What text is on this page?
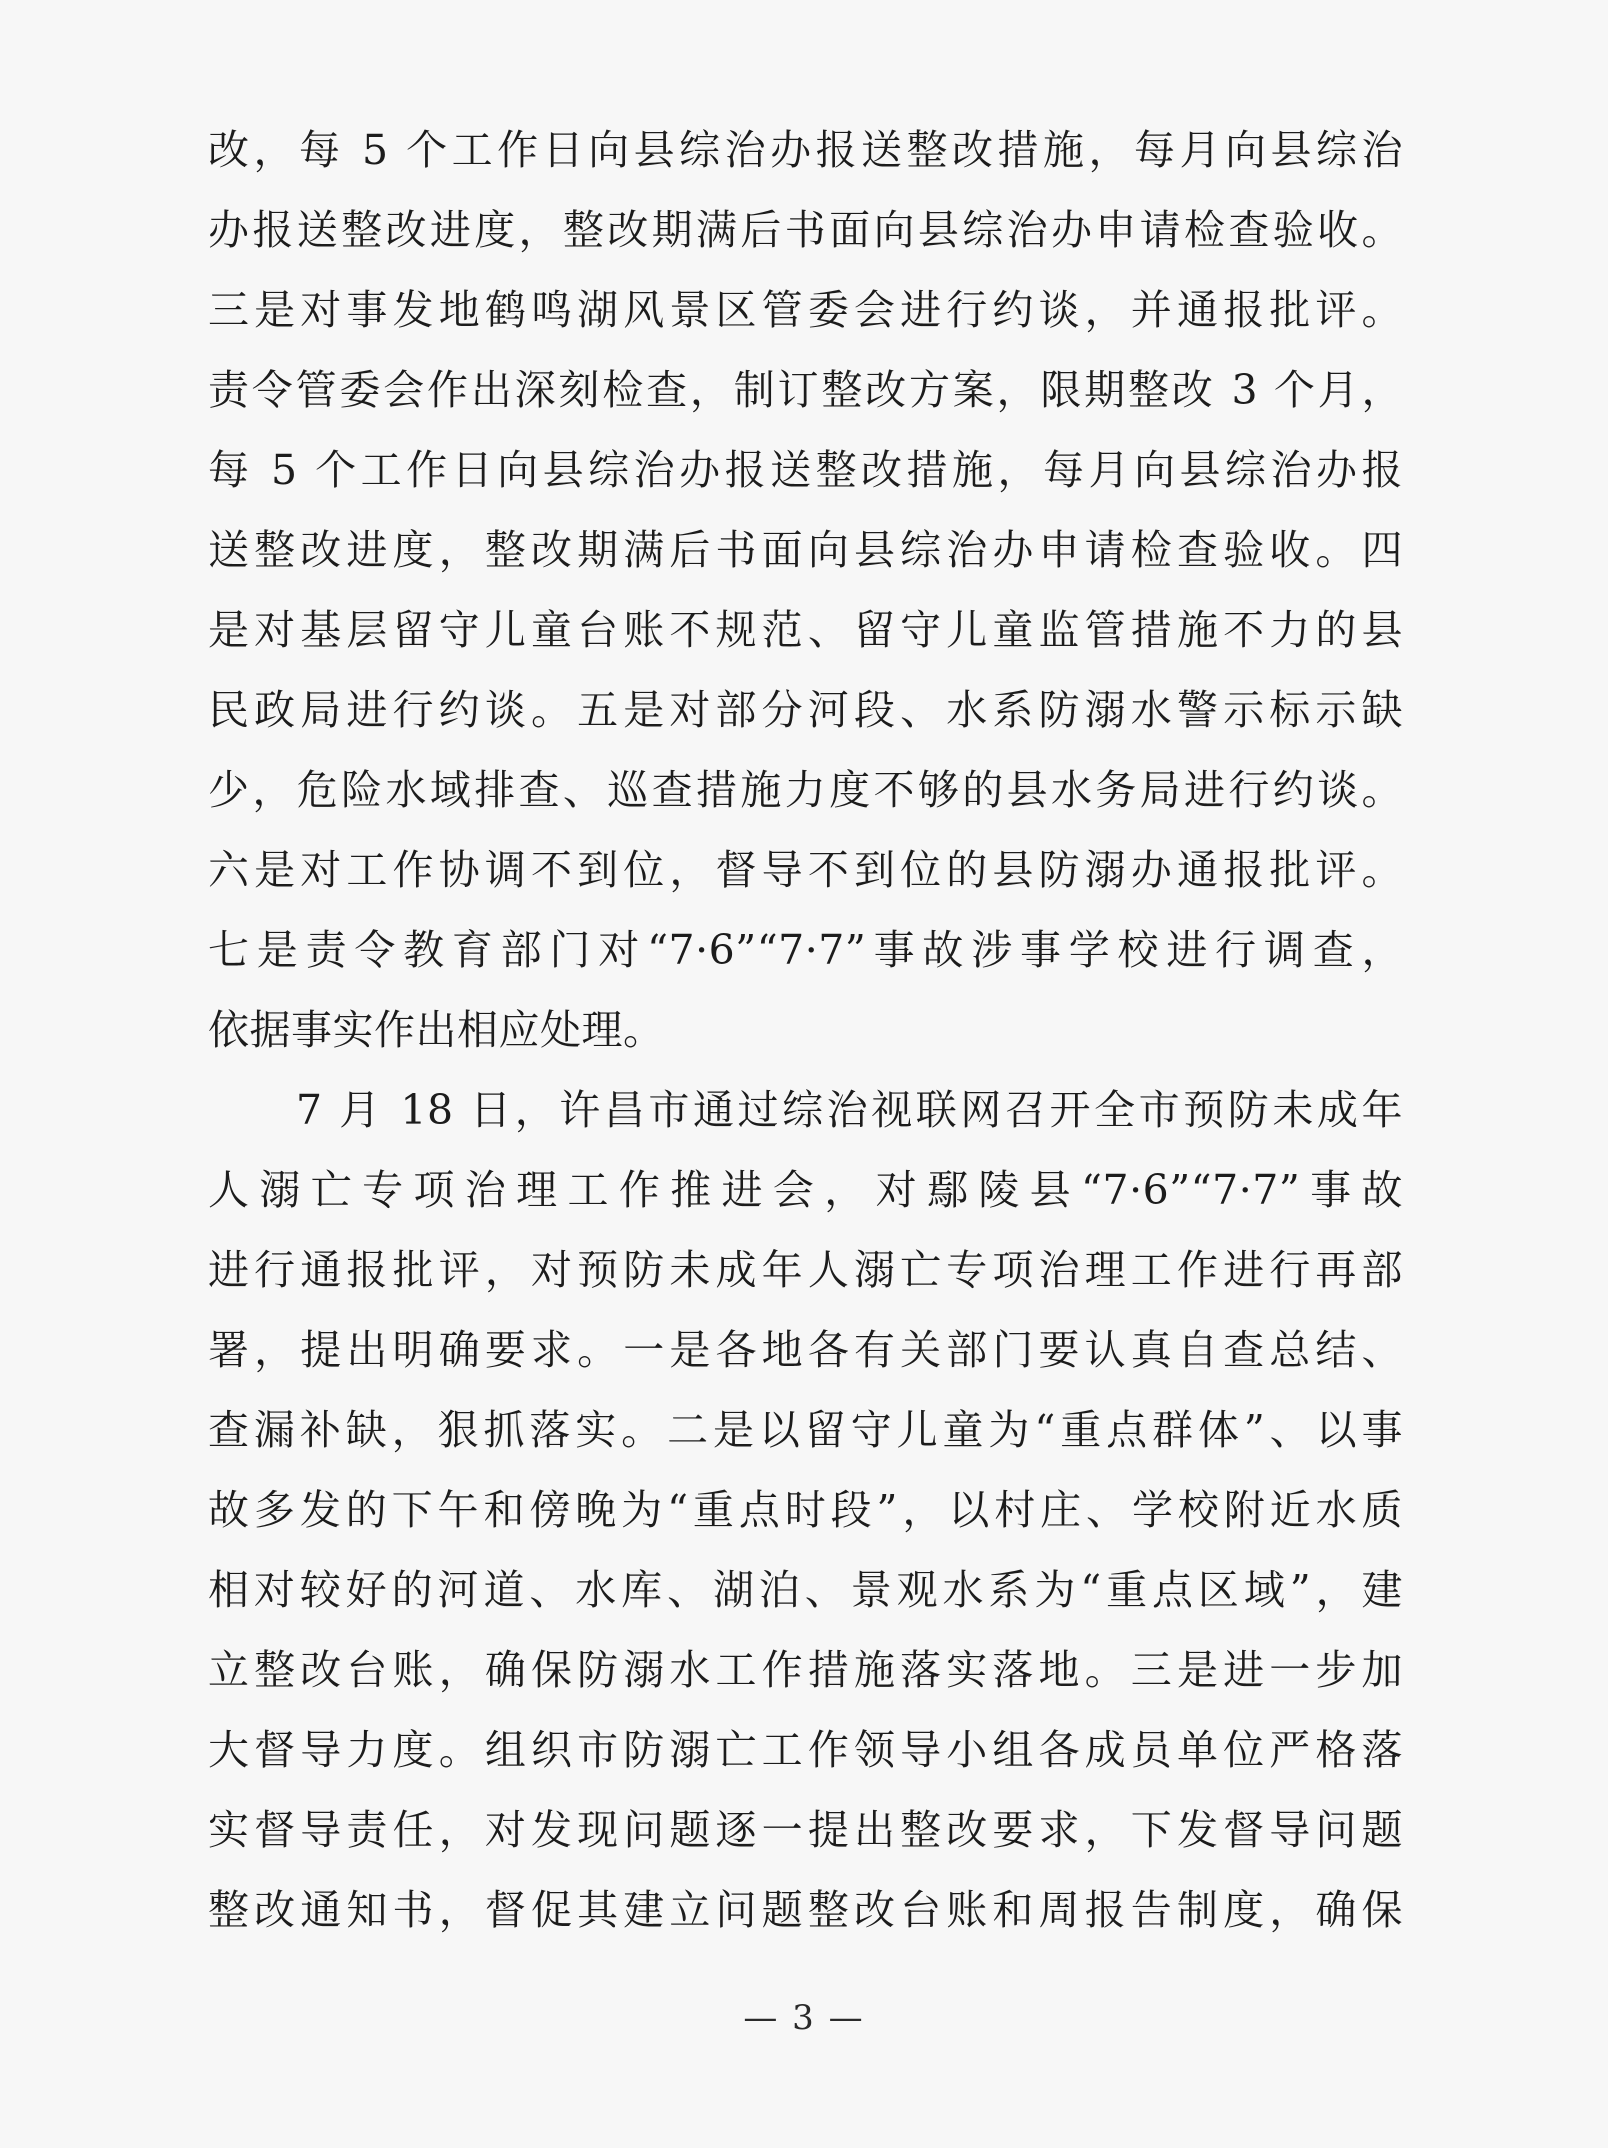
改，每 5 个工作日向县综治办报送整改措施，每月向县综治
办报送整改进度，整改期满后书面向县综治办申请检查验收。
三是对事发地鹤鸣湖风景区管委会进行约谈，并通报批评。
责令管委会作出深刻检查，制订整改方案，限期整改 3 个月，
每 5 个工作日向县综治办报送整改措施，每月向县综治办报
送整改进度，整改期满后书面向县综治办申请检查验收。四
是对基层留守儿童台账不规范、留守儿童监管措施不力的县
民政局进行约谈。五是对部分河段、水系防溺水警示标示缺
少，危险水域排查、巡查措施力度不够的县水务局进行约谈。
六是对工作协调不到位，督导不到位的县防溺办通报批评。
七是责令教育部门对“7·6”“7·7”事故涉事学校进行调查，
依据事实作出相应处理。
7 月 18 日，许昌市通过综治视联网召开全市预防未成年
人溺亡专项治理工作推进会，对鄢陵县“7·6”“7·7”事故
进行通报批评，对预防未成年人溺亡专项治理工作进行再部
署，提出明确要求。一是各地各有关部门要认真自查总结、
查漏补缺，狠抓落实。二是以留守儿童为“重点群体”、以事
故多发的下午和傍晚为“重点时段”，以村庄、学校附近水质
相对较好的河道、水库、湖泊、景观水系为“重点区域”，建
立整改台账，确保防溺水工作措施落实落地。三是进一步加
大督导力度。组织市防溺亡工作领导小组各成员单位严格落
实督导责任，对发现问题逐一提出整改要求，下发督导问题
整改通知书，督促其建立问题整改台账和周报告制度，确保
— 3 —
